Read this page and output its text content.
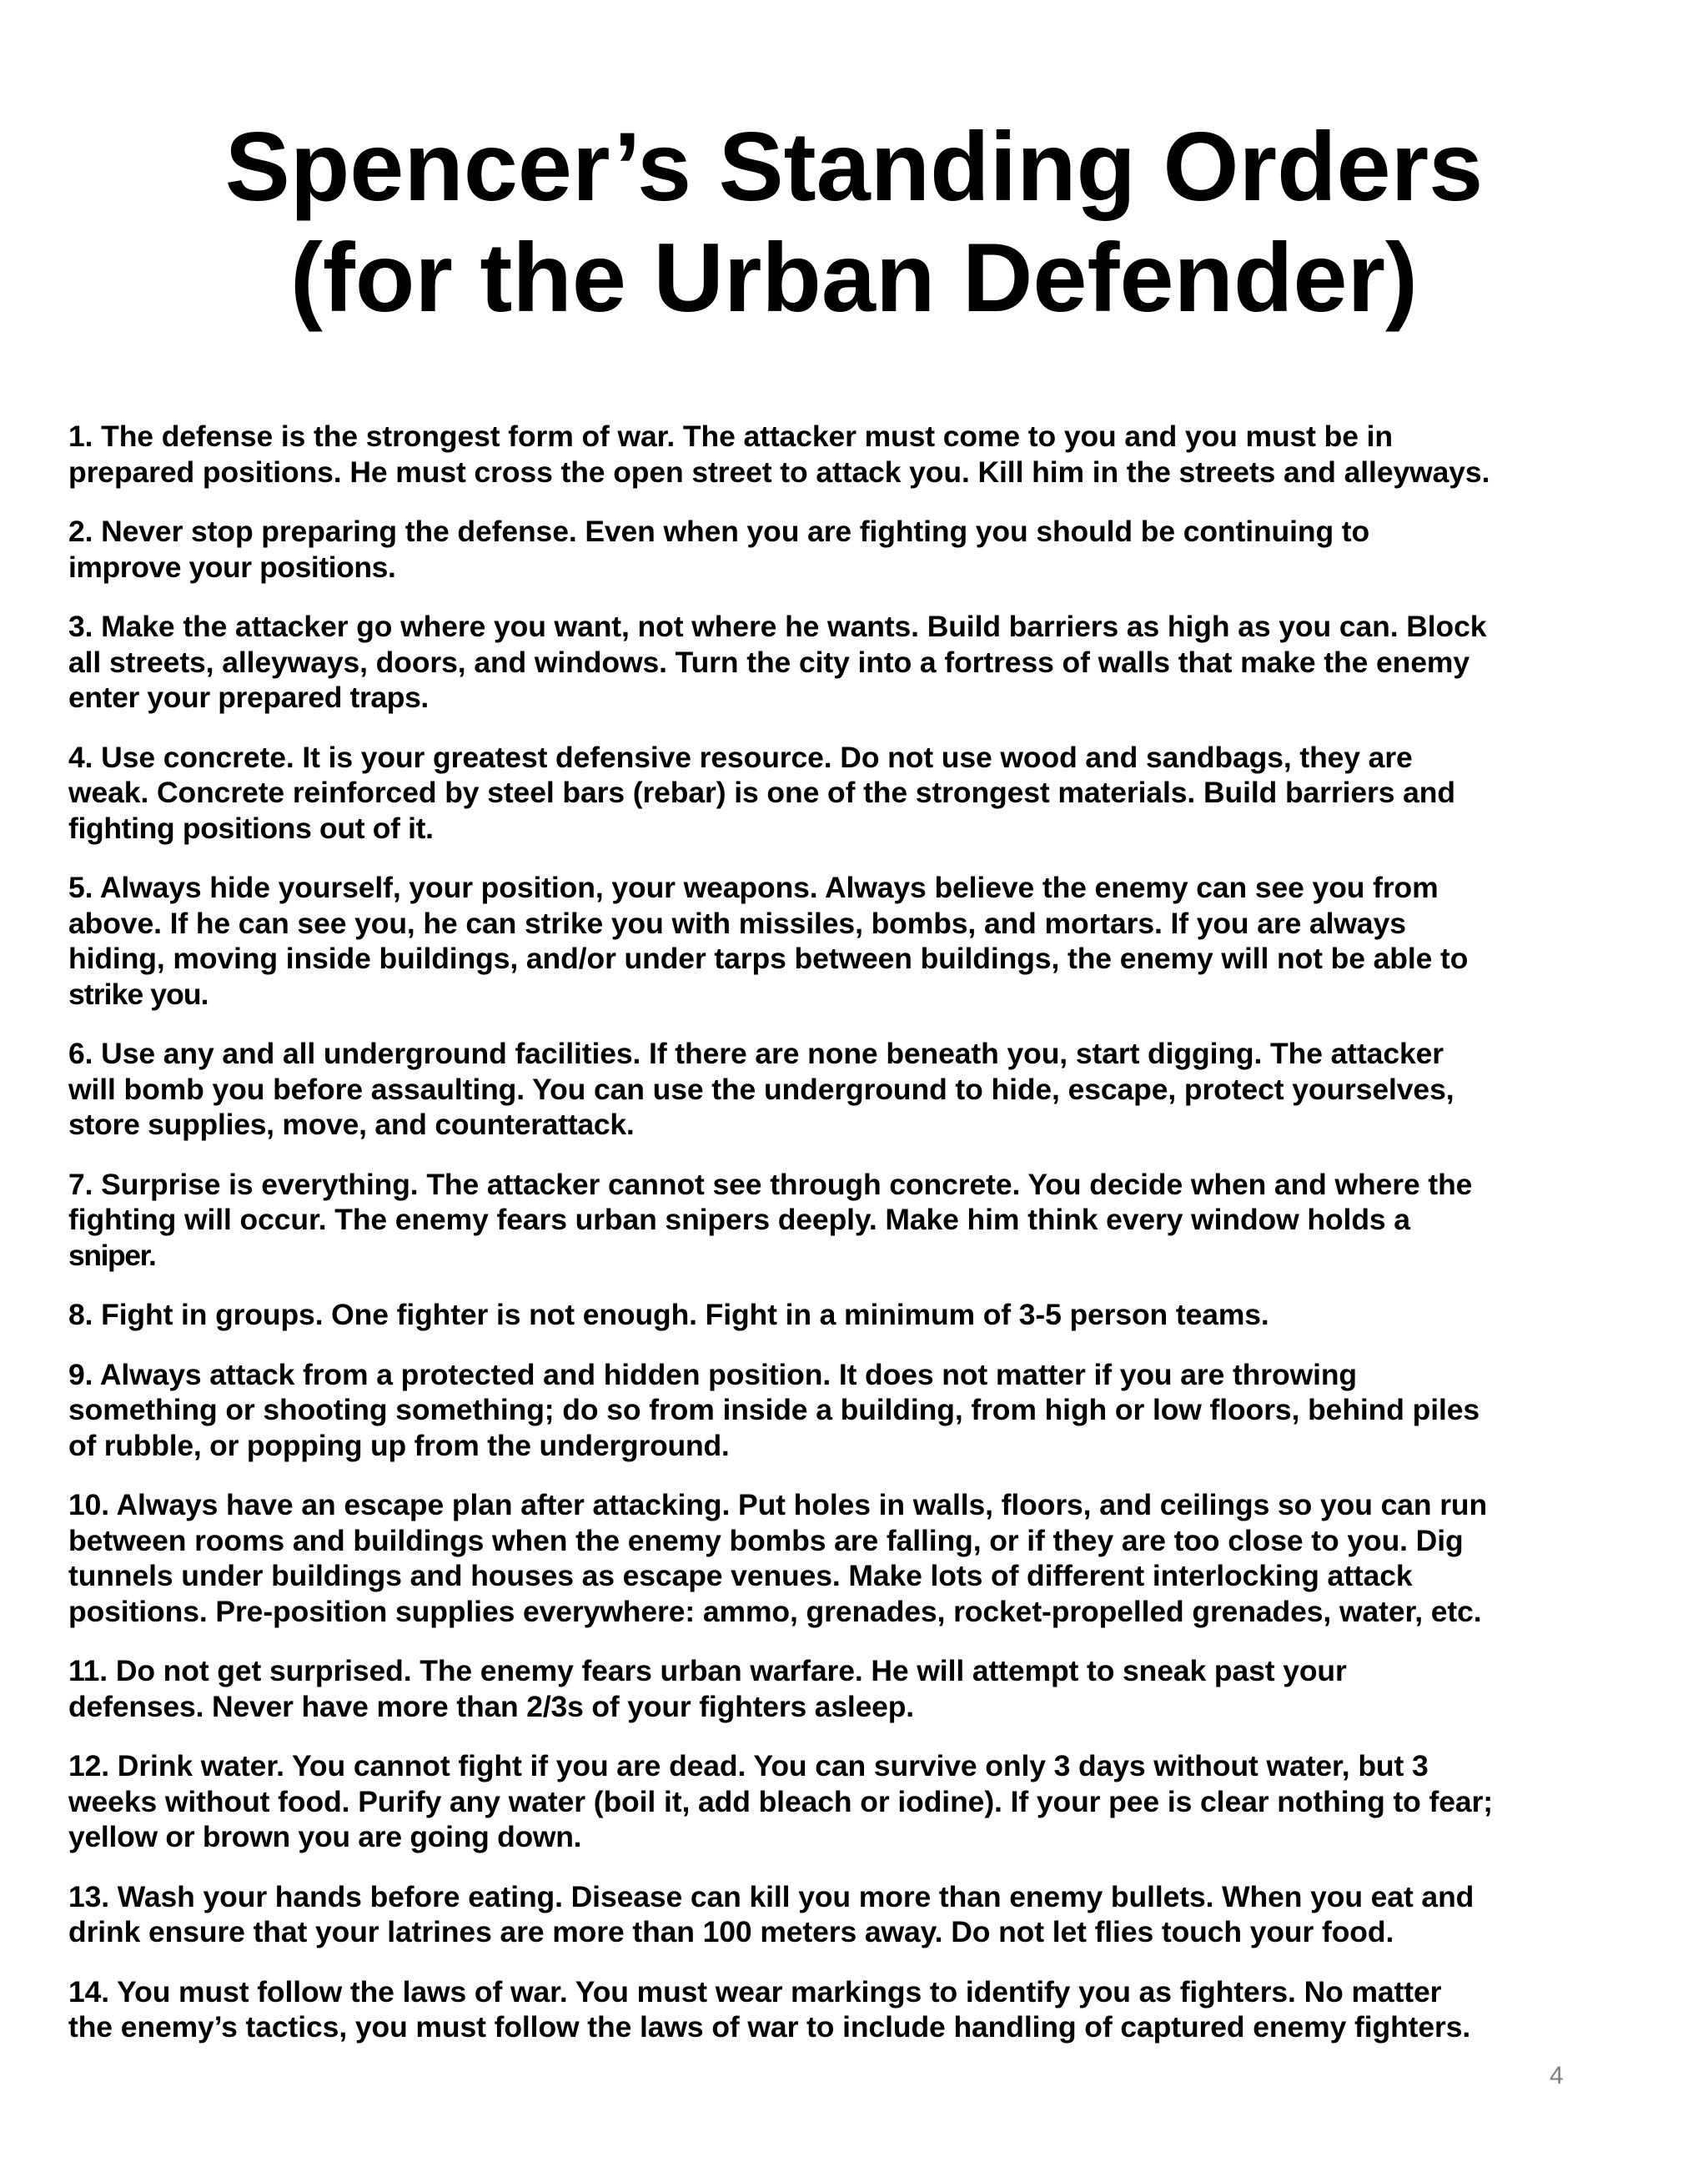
Spencer’s Standing Orders
(for the Urban Defender)

1. The defense is the strongest form of war. The attacker must come to you and you must be in
prepared positions. He must cross the open street to attack you. Kill him in the streets and alleyways.

2. Never stop preparing the defense. Even when you are fighting you should be continuing to
improve your positions.

3. Make the attacker go where you want, not where he wants. Build barriers as high as you can. Block
all streets, alleyways, doors, and windows. Turn the city into a fortress of walls that make the enemy
enter your prepared traps.

4. Use concrete. It is your greatest defensive resource. Do not use wood and sandbags, they are
weak. Concrete reinforced by steel bars (rebar) is one of the strongest materials. Build barriers and
fighting positions out of it.

5. Always hide yourself, your position, your weapons. Always believe the enemy can see you from
above. If he can see you, he can strike you with missiles, bombs, and mortars. If you are always
hiding, moving inside buildings, and/or under tarps between buildings, the enemy will not be able to
strike you.

6. Use any and all underground facilities. If there are none beneath you, start digging. The attacker
will bomb you before assaulting. You can use the underground to hide, escape, protect yourselves,
store supplies, move, and counterattack.

7. Surprise is everything. The attacker cannot see through concrete. You decide when and where the
fighting will occur. The enemy fears urban snipers deeply. Make him think every window holds a
sniper.

8. Fight in groups. One fighter is not enough. Fight in a minimum of 3-5 person teams.

9. Always attack from a protected and hidden position. It does not matter if you are throwing
something or shooting something; do so from inside a building, from high or low floors, behind piles
of rubble, or popping up from the underground.

10. Always have an escape plan after attacking. Put holes in walls, floors, and ceilings so you can run
between rooms and buildings when the enemy bombs are falling, or if they are too close to you. Dig
tunnels under buildings and houses as escape venues. Make lots of different interlocking attack
positions. Pre-position supplies everywhere: ammo, grenades, rocket-propelled grenades, water, etc.

11. Do not get surprised. The enemy fears urban warfare. He will attempt to sneak past your
defenses. Never have more than 2/3s of your fighters asleep.

12. Drink water. You cannot fight if you are dead. You can survive only 3 days without water, but 3
weeks without food. Purify any water (boil it, add bleach or iodine). If your pee is clear nothing to fear;
yellow or brown you are going down.

13. Wash your hands before eating. Disease can kill you more than enemy bullets. When you eat and
drink ensure that your latrines are more than 100 meters away. Do not let flies touch your food.

14. You must follow the laws of war. You must wear markings to identify you as fighters. No matter
the enemy’s tactics, you must follow the laws of war to include handling of captured enemy fighters.

4
